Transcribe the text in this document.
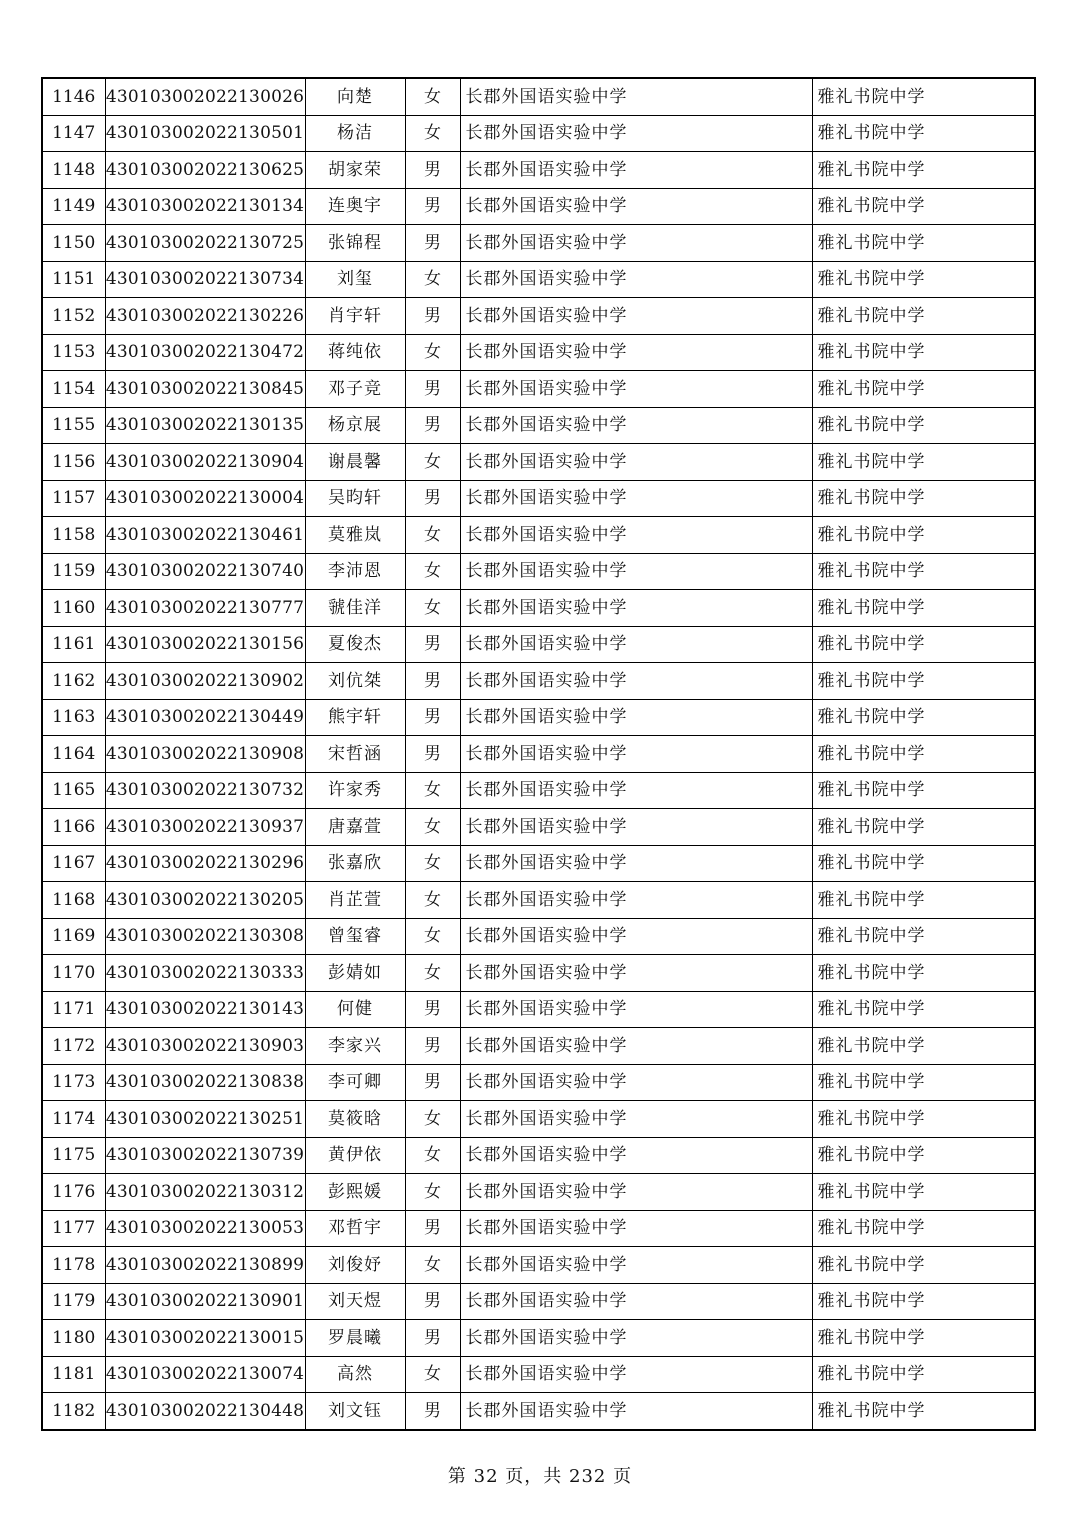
1146	430103002022130026	向楚	女	长郡外国语实验中学	雅礼书院中学
1147	430103002022130501	杨洁	女	长郡外国语实验中学	雅礼书院中学
1148	430103002022130625	胡家荣	男	长郡外国语实验中学	雅礼书院中学
1149	430103002022130134	连奥宇	男	长郡外国语实验中学	雅礼书院中学
1150	430103002022130725	张锦程	男	长郡外国语实验中学	雅礼书院中学
1151	430103002022130734	刘玺	女	长郡外国语实验中学	雅礼书院中学
1152	430103002022130226	肖宇轩	男	长郡外国语实验中学	雅礼书院中学
1153	430103002022130472	蒋纯依	女	长郡外国语实验中学	雅礼书院中学
1154	430103002022130845	邓子竞	男	长郡外国语实验中学	雅礼书院中学
1155	430103002022130135	杨京展	男	长郡外国语实验中学	雅礼书院中学
1156	430103002022130904	谢晨馨	女	长郡外国语实验中学	雅礼书院中学
1157	430103002022130004	吴昀轩	男	长郡外国语实验中学	雅礼书院中学
1158	430103002022130461	莫雅岚	女	长郡外国语实验中学	雅礼书院中学
1159	430103002022130740	李沛恩	女	长郡外国语实验中学	雅礼书院中学
1160	430103002022130777	虢佳洋	女	长郡外国语实验中学	雅礼书院中学
1161	430103002022130156	夏俊杰	男	长郡外国语实验中学	雅礼书院中学
1162	430103002022130902	刘伉桀	男	长郡外国语实验中学	雅礼书院中学
1163	430103002022130449	熊宇轩	男	长郡外国语实验中学	雅礼书院中学
1164	430103002022130908	宋哲涵	男	长郡外国语实验中学	雅礼书院中学
1165	430103002022130732	许家秀	女	长郡外国语实验中学	雅礼书院中学
1166	430103002022130937	唐嘉萱	女	长郡外国语实验中学	雅礼书院中学
1167	430103002022130296	张嘉欣	女	长郡外国语实验中学	雅礼书院中学
1168	430103002022130205	肖芷萱	女	长郡外国语实验中学	雅礼书院中学
1169	430103002022130308	曾玺睿	女	长郡外国语实验中学	雅礼书院中学
1170	430103002022130333	彭婧如	女	长郡外国语实验中学	雅礼书院中学
1171	430103002022130143	何健	男	长郡外国语实验中学	雅礼书院中学
1172	430103002022130903	李家兴	男	长郡外国语实验中学	雅礼书院中学
1173	430103002022130838	李可卿	男	长郡外国语实验中学	雅礼书院中学
1174	430103002022130251	莫筱晗	女	长郡外国语实验中学	雅礼书院中学
1175	430103002022130739	黄伊依	女	长郡外国语实验中学	雅礼书院中学
1176	430103002022130312	彭熙媛	女	长郡外国语实验中学	雅礼书院中学
1177	430103002022130053	邓哲宇	男	长郡外国语实验中学	雅礼书院中学
1178	430103002022130899	刘俊妤	女	长郡外国语实验中学	雅礼书院中学
1179	430103002022130901	刘天煜	男	长郡外国语实验中学	雅礼书院中学
1180	430103002022130015	罗晨曦	男	长郡外国语实验中学	雅礼书院中学
1181	430103002022130074	高然	女	长郡外国语实验中学	雅礼书院中学
1182	430103002022130448	刘文钰	男	长郡外国语实验中学	雅礼书院中学
第 32 页，共 232 页
